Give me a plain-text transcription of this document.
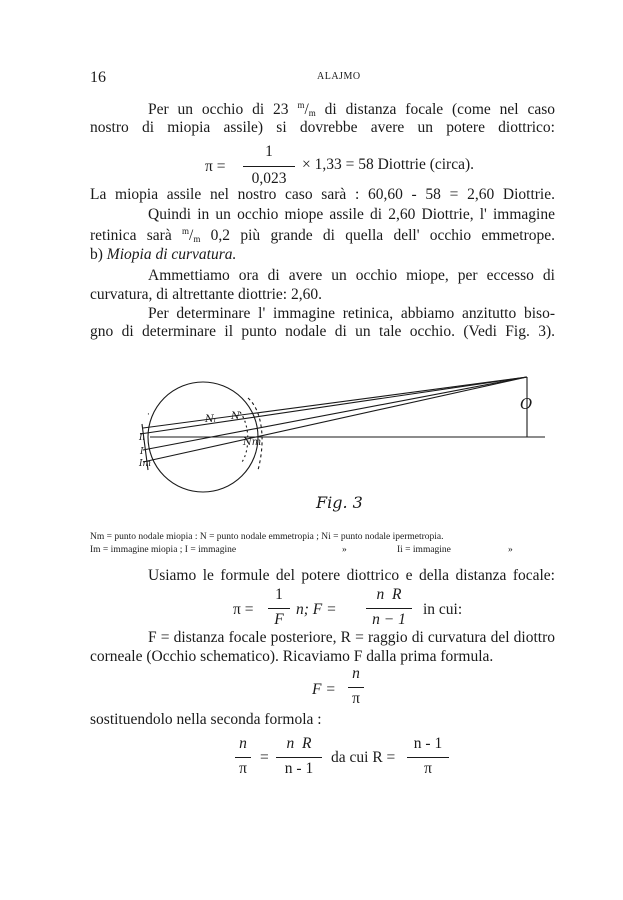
16	ALAJMO
Per un occhio di 23 $^m/_m$ di distanza focale (come nel caso
nostro di miopia assile) si dovrebbe avere un potere diottrico:
π =
1
0,023
× 1,33 = 58 Diottrie (circa).
La miopia assile nel nostro caso sarà : 60,60 - 58 = 2,60 Diottrie.
Quindi in un occhio miope assile di 2,60 Diottrie, l' immagine
retinica sarà $^m/_m$ 0,2 più grande di quella dell' occhio emmetrope.
b) Miopia di curvatura.
Ammettiamo ora di avere un occhio miope, per eccesso di
curvatura, di altrettante diottrie: 2,60.
Per determinare l' immagine retinica, abbiamo anzitutto biso-
gno di determinare il punto nodale di un tale occhio. (Vedi Fig. 3).
O
Nᵢ N
Nm
Iᵢ
I
Im
·
Fig. 3
Nm = punto nodale miopia : N = punto nodale emmetropia ; Ni = punto nodale ipermetropia.
Im = immagine miopia ; I = immagine	»	Ii = immagine	»
Usiamo le formule del potere diottrico e della distanza focale:
π =
1
F
n; F =
n  R
n − 1
in cui:
F = distanza focale posteriore, R = raggio di curvatura del diottro
corneale (Occhio schematico). Ricaviamo F dalla prima formula.
F =
n
π
sostituendolo nella seconda formola :
n
π
=
n  R
n - 1
da cui R =
n - 1
π
